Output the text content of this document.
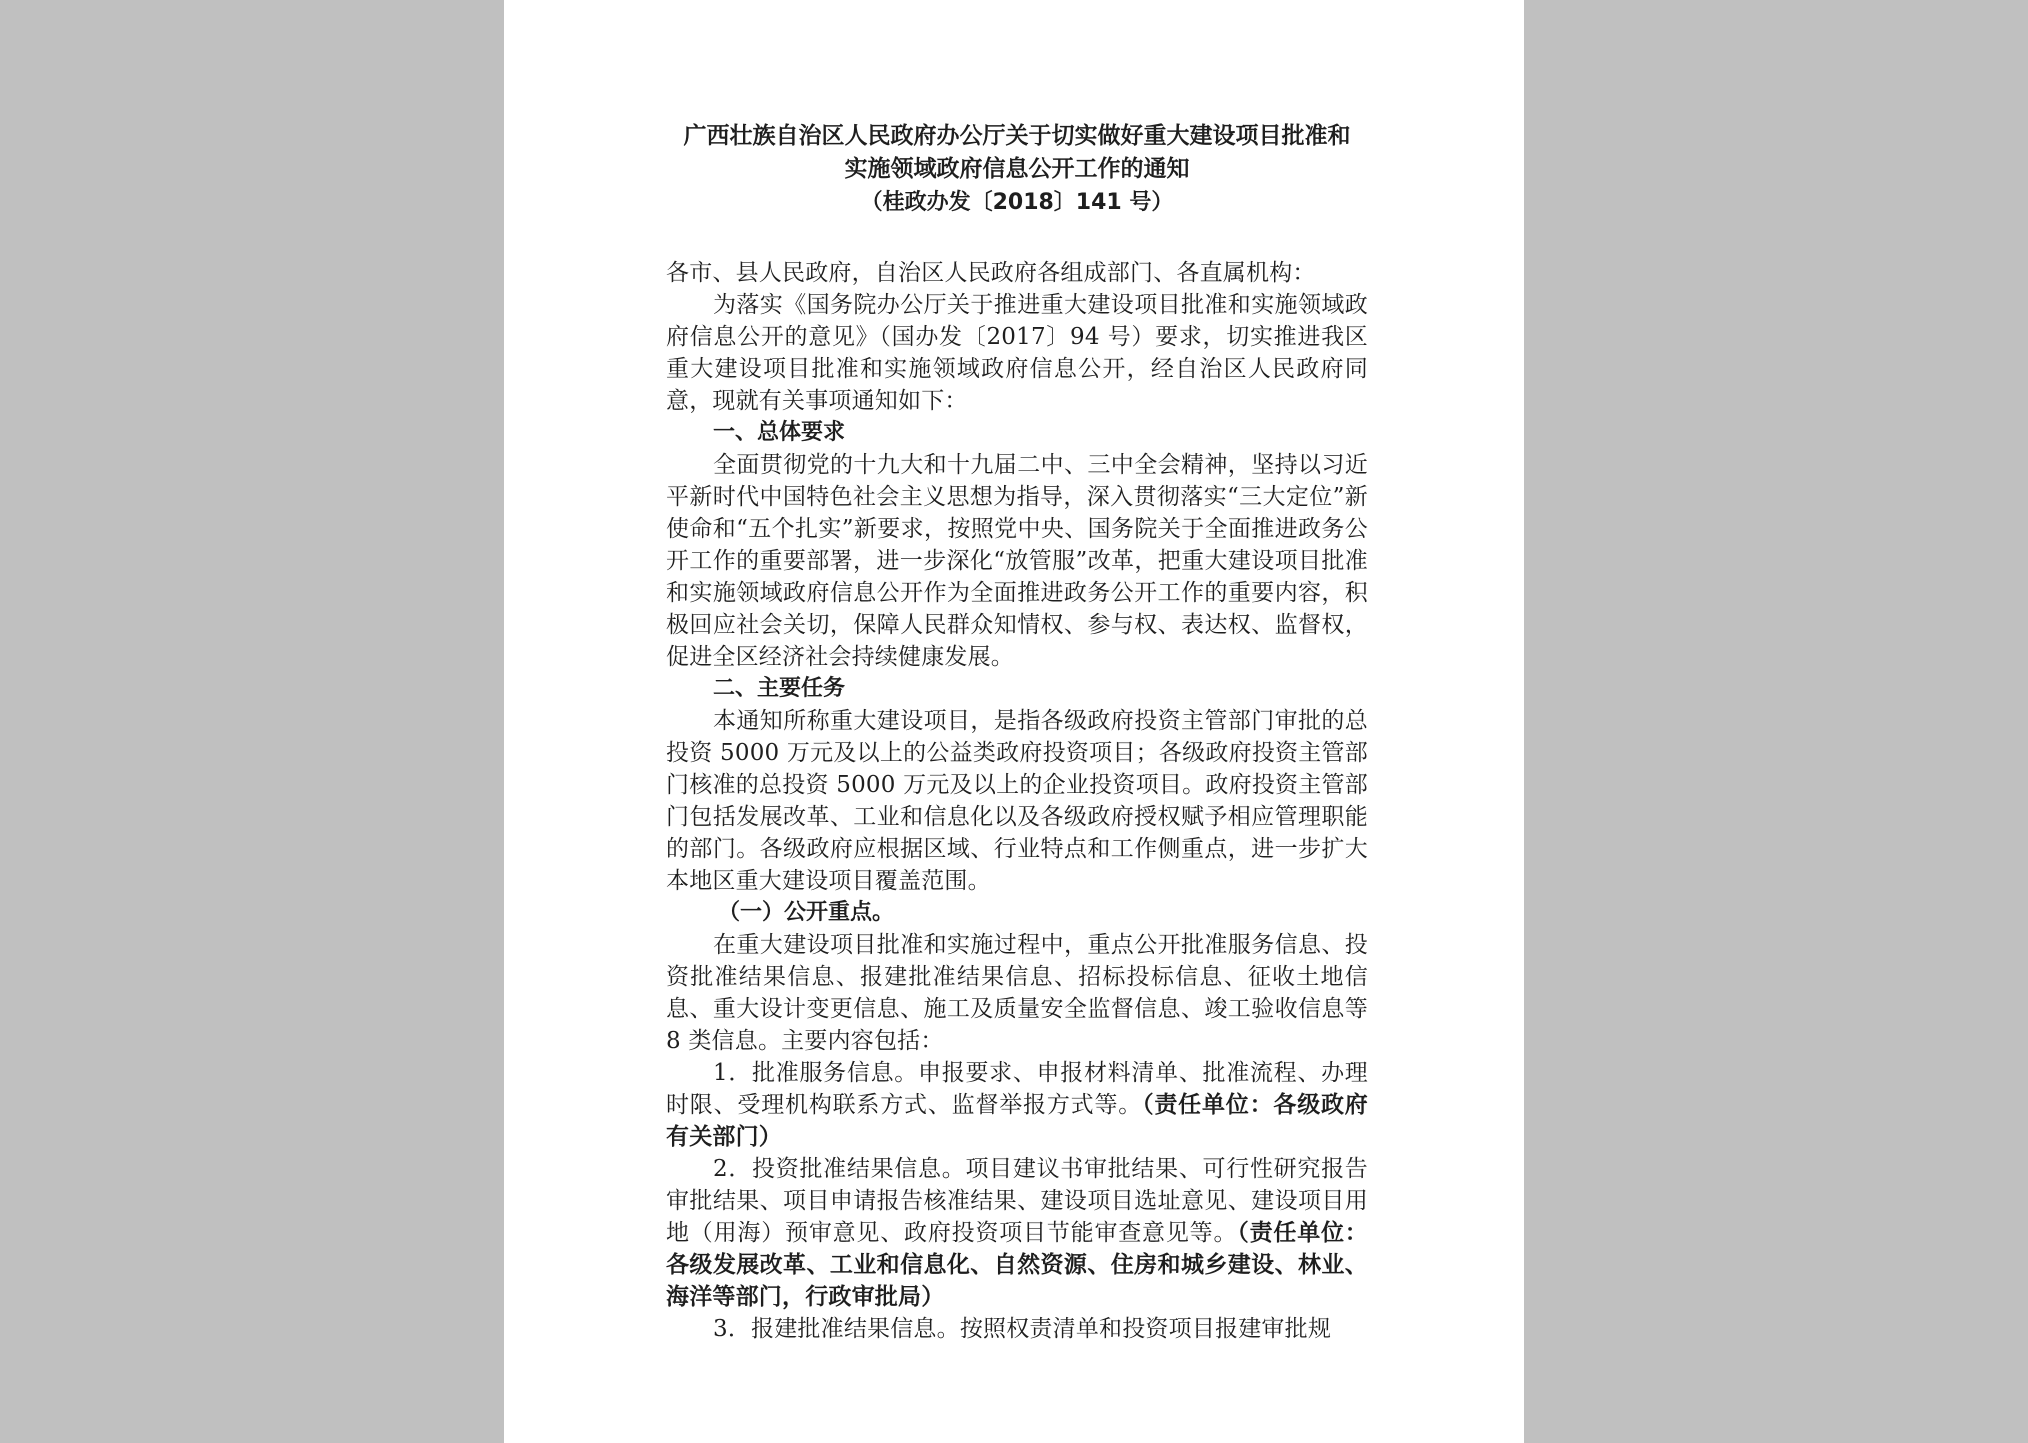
广西壮族自治区人民政府办公厅关于切实做好重大建设项目批准和
实施领域政府信息公开工作的通知
（桂政办发〔2018〕141 号）

各市、县人民政府，自治区人民政府各组成部门、各直属机构：

为落实《国务院办公厅关于推进重大建设项目批准和实施领域政府信息公开的意见》（国办发〔2017〕94 号）要求，切实推进我区重大建设项目批准和实施领域政府信息公开，经自治区人民政府同意，现就有关事项通知如下：

一、总体要求

全面贯彻党的十九大和十九届二中、三中全会精神，坚持以习近平新时代中国特色社会主义思想为指导，深入贯彻落实“三大定位”新使命和“五个扎实”新要求，按照党中央、国务院关于全面推进政务公开工作的重要部署，进一步深化“放管服”改革，把重大建设项目批准和实施领域政府信息公开作为全面推进政务公开工作的重要内容，积极回应社会关切，保障人民群众知情权、参与权、表达权、监督权，促进全区经济社会持续健康发展。

二、主要任务

本通知所称重大建设项目，是指各级政府投资主管部门审批的总投资 5000 万元及以上的公益类政府投资项目；各级政府投资主管部门核准的总投资 5000 万元及以上的企业投资项目。政府投资主管部门包括发展改革、工业和信息化以及各级政府授权赋予相应管理职能的部门。各级政府应根据区域、行业特点和工作侧重点，进一步扩大本地区重大建设项目覆盖范围。

（一）公开重点。

在重大建设项目批准和实施过程中，重点公开批准服务信息、投资批准结果信息、报建批准结果信息、招标投标信息、征收土地信息、重大设计变更信息、施工及质量安全监督信息、竣工验收信息等 8 类信息。主要内容包括：

1．批准服务信息。申报要求、申报材料清单、批准流程、办理时限、受理机构联系方式、监督举报方式等。（责任单位：各级政府有关部门）

2．投资批准结果信息。项目建议书审批结果、可行性研究报告审批结果、项目申请报告核准结果、建设项目选址意见、建设项目用地（用海）预审意见、政府投资项目节能审查意见等。（责任单位：各级发展改革、工业和信息化、自然资源、住房和城乡建设、林业、海洋等部门，行政审批局）

3．报建批准结果信息。按照权责清单和投资项目报建审批规
